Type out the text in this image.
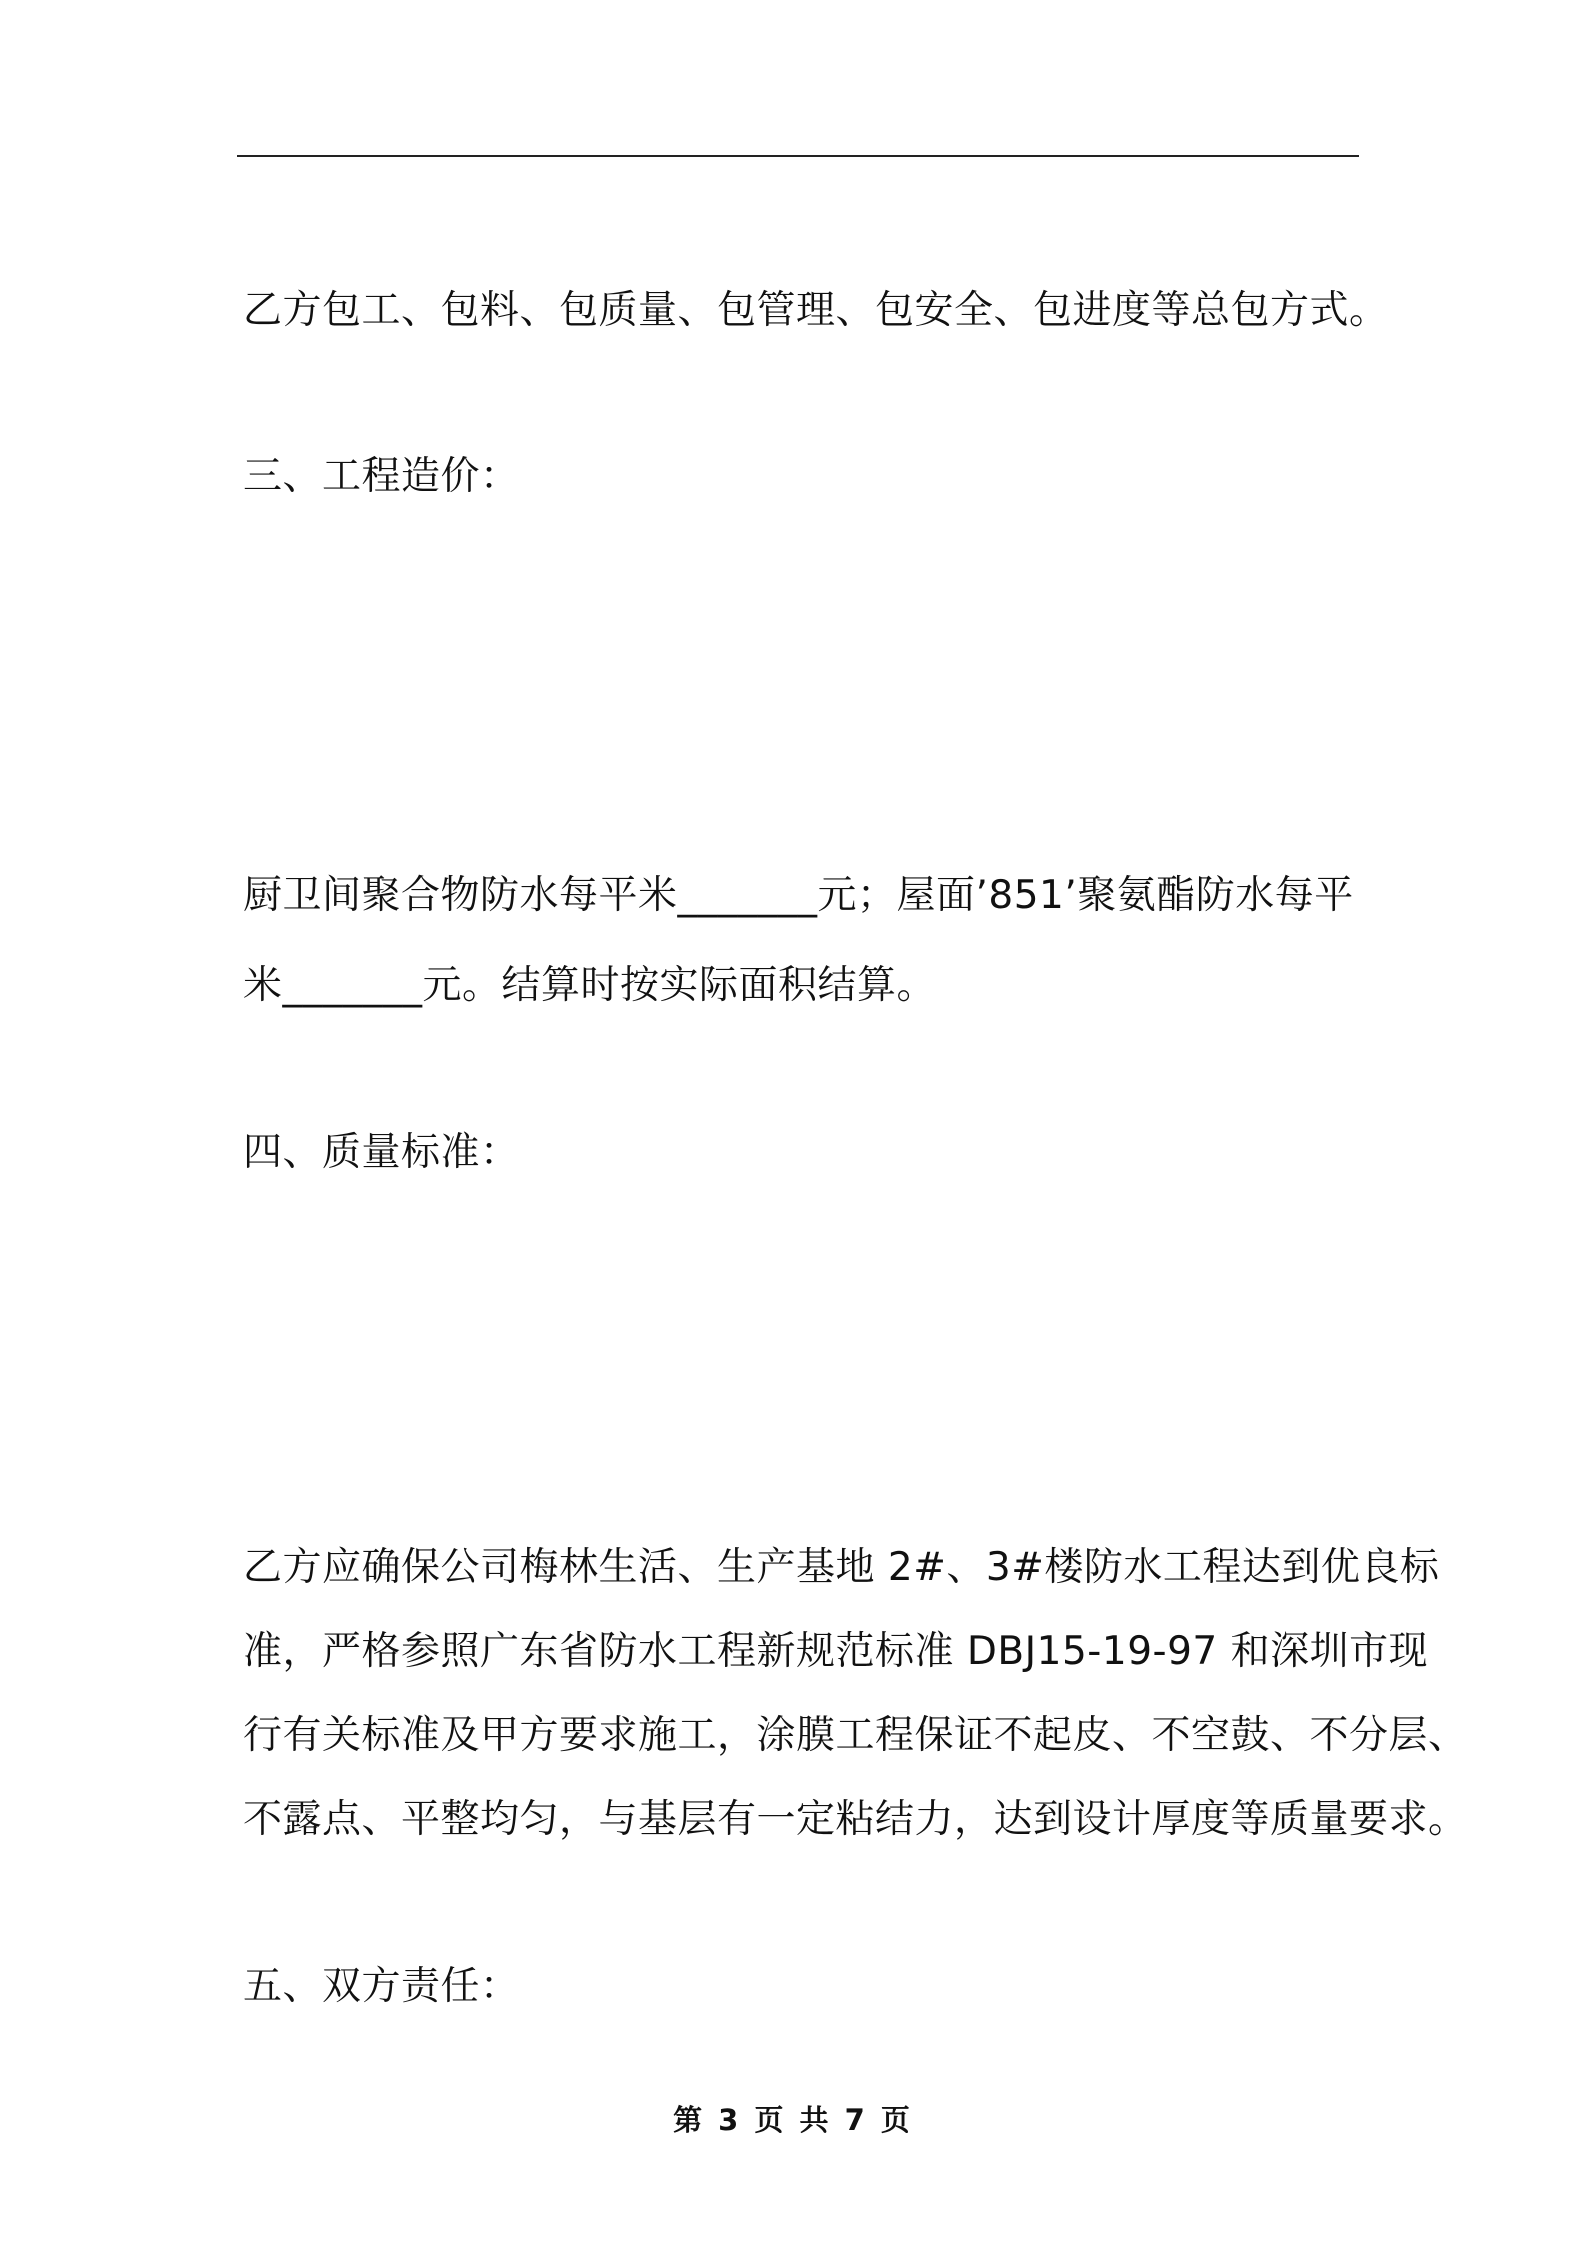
乙方包工、包料、包质量、包管理、包安全、包进度等总包方式。
三、工程造价：
厨卫间聚合物防水每平米_______元；屋面’851’聚氨酯防水每平
米_______元。结算时按实际面积结算。
四、质量标准：
乙方应确保公司梅林生活、生产基地 2#、3#楼防水工程达到优良标
准，严格参照广东省防水工程新规范标准 DBJ15-19-97 和深圳市现
行有关标准及甲方要求施工，涂膜工程保证不起皮、不空鼓、不分层、
不露点、平整均匀，与基层有一定粘结力，达到设计厚度等质量要求。
五、双方责任：
第 3 页 共 7 页
